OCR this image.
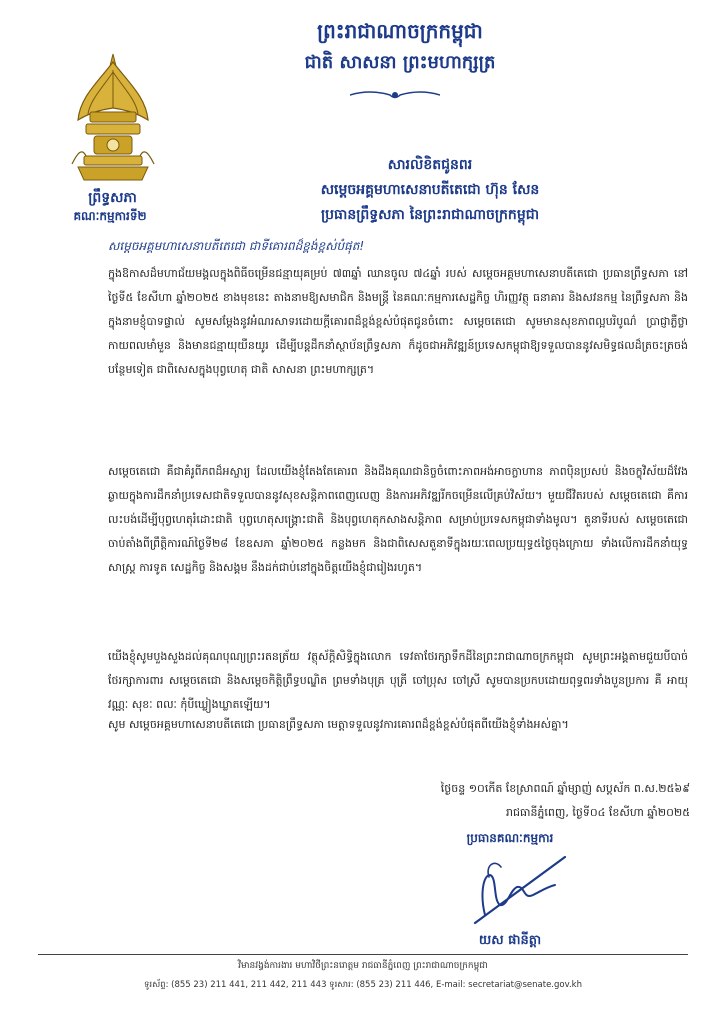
ព្រះរាជាណាចក្រកម្ពុជា
ជាតិ សាសនា ព្រះមហាក្សត្រ
ព្រឹទ្ធសភា
គណៈកម្មការទី២
សារលិខិតជូនពរ
សម្ដេចអគ្គមហាសេនាបតីតេជោ ហ៊ុន សែន
ប្រធានព្រឹទ្ធសភា នៃព្រះរាជាណាចក្រកម្ពុជា
សម្ដេចអគ្គមហាសេនាបតីតេជោ ជាទីគោរពដ៏ខ្ពង់ខ្ពស់បំផុត!
ក្នុងឱកាសដ៏មហាជ័យមង្គលក្នុងពិធីចម្រើនជន្មាយុគម្រប់ ៧៣ឆ្នាំ ឈានចូល ៧៤ឆ្នាំ របស់ សម្ដេចអគ្គមហាសេនាបតីតេជោ ប្រធានព្រឹទ្ធសភា នៅថ្ងៃទី៥ ខែសីហា ឆ្នាំ២០២៥ ខាងមុខនេះ តាងនាមឱ្យសមាជិក និងមន្ត្រី នៃគណៈកម្មការសេដ្ឋកិច្ច ហិរញ្ញវត្ថុ ធនាគារ និងសវនកម្ម នៃព្រឹទ្ធសភា និងក្នុងនាមខ្ញុំបាទផ្ទាល់ សូមសម្ដែងនូវអំណរសាទរដោយក្ដីគោរពដ៏ខ្ពង់ខ្ពស់បំផុតជូនចំពោះ សម្ដេចតេជោ សូមមានសុខភាពល្អបរិបូណ៌ ប្រាជ្ញាភ្លឺថ្លា កាយពលមាំមួន និងមានជន្មាយុយឺនយូរ ដើម្បីបន្តដឹកនាំស្ថាប័នព្រឹទ្ធសភា ក៏ដូចជាអភិវឌ្ឍន៍ប្រទេសកម្ពុជាឱ្យទទួលបាននូវសមិទ្ធផលដ៏ត្រចះត្រចង់បន្ថែមទៀត ជាពិសេសក្នុងបុព្វហេតុ ជាតិ សាសនា ព្រះមហាក្សត្រ។
សម្ដេចតេជោ គឺជាគំរូពីភពដ៏អស្ចារ្យ ដែលយើងខ្ញុំតែងតែគោរព និងដឹងគុណជានិច្ចចំពោះភាពអង់អាចក្លាហាន ភាពប៉ិនប្រសប់ និងចក្ខុវិស័យដ៏វែងឆ្ងាយក្នុងការដឹកនាំប្រទេសជាតិទទួលបាននូវសុខសន្តិភាពពេញលេញ និងការអភិវឌ្ឍរីកចម្រើនលើគ្រប់វិស័យ។ មួយជីវិតរបស់ សម្ដេចតេជោ គឺការលះបង់ដើម្បីបុព្វហេតុរំដោះជាតិ បុព្វហេតុសង្គ្រោះជាតិ និងបុព្វហេតុកសាងសន្តិភាព សម្រាប់ប្រទេសកម្ពុជាទាំងមូល។ តួនាទីរបស់ សម្ដេចតេជោ ចាប់តាំងពីព្រឹត្តិការណ៍ថ្ងៃទី២៨ ខែឧសភា ឆ្នាំ២០២៥ កន្លងមក និងជាពិសេសតួនាទីក្នុងរយៈពេលប្រយុទ្ធ៥ថ្ងៃចុងក្រោយ ទាំងលើការដឹកនាំយុទ្ធសាស្ត្រ ការទូត សេដ្ឋកិច្ច និងសង្គម នឹងដក់ជាប់នៅក្នុងចិត្តយើងខ្ញុំជារៀងរហូត។
យើងខ្ញុំសូមបួងសួងដល់គុណបុណ្យព្រះរតនត្រ័យ វត្ថុស័ក្ដិសិទ្ធិក្នុងលោក ទេវតាថែរក្សាទឹកដីនៃព្រះរាជាណាចក្រកម្ពុជា សូមព្រះអង្គតាមជួយបីបាច់ថែរក្សាការពារ សម្ដេចតេជោ និងសម្ដេចកិត្តិព្រឹទ្ធបណ្ឌិត ព្រមទាំងបុត្រ បុត្រី ចៅប្រុស ចៅស្រី សូមបានប្រកបដោយពុទ្ធពរទាំងបួនប្រការ គឺ អាយុ វណ្ណៈ សុខៈ ពលៈ កុំបីឃ្លៀងឃ្លាតឡើយ។
សូម សម្ដេចអគ្គមហាសេនាបតីតេជោ ប្រធានព្រឹទ្ធសភា មេត្តាទទួលនូវការគោរពដ៏ខ្ពង់ខ្ពស់បំផុតពីយើងខ្ញុំទាំងអស់គ្នា។
ថ្ងៃចន្ទ ១០កើត ខែស្រាពណ៍ ឆ្នាំម្សាញ់ សប្តស័ក ព.ស.២៥៦៩
រាជធានីភ្នំពេញ, ថ្ងៃទី០៤ ខែសីហា ឆ្នាំ២០២៥
ប្រធានគណៈកម្មការ
យស ផានីត្តា
វិមានវង្វង់ការងារ មហាវិថីព្រះនរោត្តម រាជធានីភ្នំពេញ ព្រះរាជាណាចក្រកម្ពុជា
ទូរស័ព្ទ: (855 23) 211 441, 211 442, 211 443 ទូរសារ: (855 23) 211 446, E-mail: secretariat@senate.gov.kh
